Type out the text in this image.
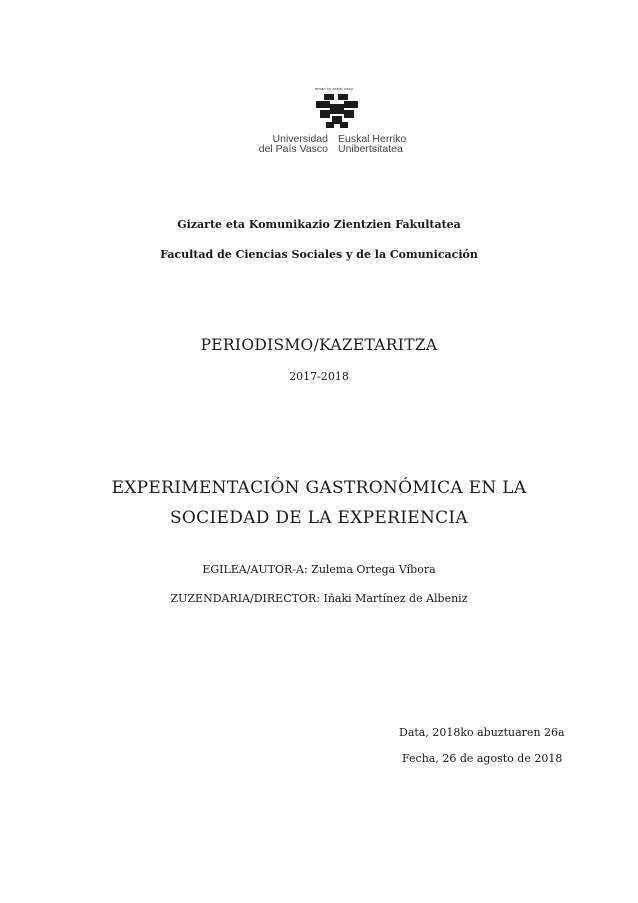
eman ta zabal zazu
Universidad
del País Vasco
Euskal Herriko
Unibertsitatea
Gizarte eta Komunikazio Zientzien Fakultatea
Facultad de Ciencias Sociales y de la Comunicación
PERIODISMO/KAZETARITZA
2017-2018
EXPERIMENTACIÓN GASTRONÓMICA EN LA
SOCIEDAD DE LA EXPERIENCIA
EGILEA/AUTOR-A: Zulema Ortega Víbora
ZUZENDARIA/DIRECTOR: Iñaki Martínez de Albeniz
Data, 2018ko abuztuaren 26a
Fecha, 26 de agosto de 2018
